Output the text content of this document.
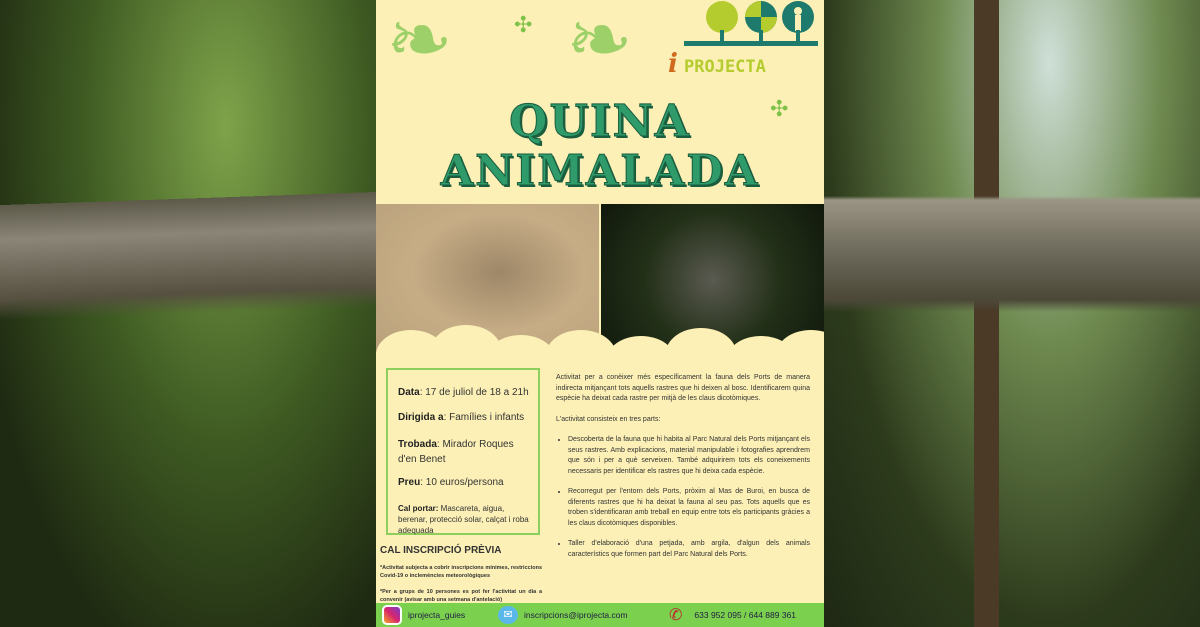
❧ ❧
✣
✣
QUINA
ANIMALADA
i PROJECTA
Data: 17 de juliol de 18 a 21h
Dirigida a: Famílies i infants
Trobada: Mirador Roques d'en Benet
Preu: 10 euros/persona
Cal portar: Mascareta, aigua, berenar, protecció solar, calçat i roba adequada
CAL INSCRIPCIÓ PRÈVIA
*Activitat subjecta a cobrir inscripcions mínimes, restriccions Covid-19 o inclemències meteorològiques
*Per a grups de 10 persones es pot fer l'activitat un dia a convenir (avisar amb una setmana d'antelació)

Activitat per a conèixer més específicament la fauna dels Ports de manera indirecta mitjançant tots aquells rastres que hi deixen al bosc. Identificarem quina espècie ha deixat cada rastre per mitjà de les claus dicotòmiques.

L'activitat consisteix en tres parts:

• Descoberta de la fauna que hi habita al Parc Natural dels Ports mitjançant els seus rastres. Amb explicacions, material manipulable i fotografies aprendrem que són i per a què serveixen. També adquirirem tots els coneixements necessaris per identificar els rastres que hi deixa cada espècie.
• Recorregut per l'entorn dels Ports, pròxim al Mas de Buroi, en busca de diferents rastres que hi ha deixat la fauna al seu pas. Tots aquells que es troben s'identificaran amb treball en equip entre tots els participants gràcies a les claus dicotòmiques disponibles.
• Taller d'elaboració d'una petjada, amb argila, d'algun dels animals característics que formen part del Parc Natural dels Ports.
iprojecta_guies	✉	inscripcions@iprojecta.com	✆ 633 952 095 / 644 889 361
